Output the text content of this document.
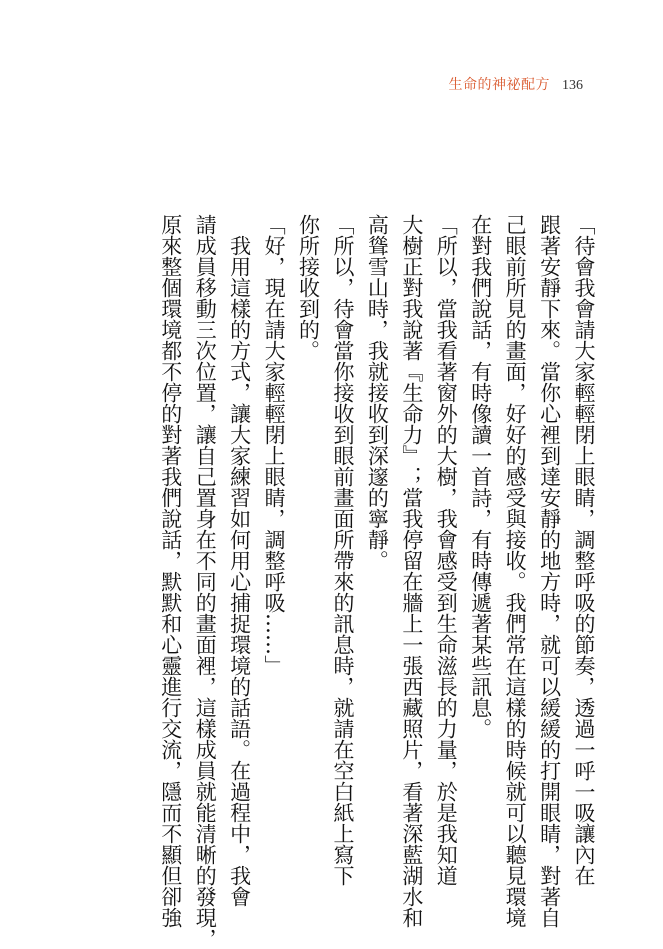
生命的神祕配方 136
「待會我會請大家輕輕閉上眼睛，調整呼吸的節奏，透過一呼一吸讓內在
跟著安靜下來。當你心裡到達安靜的地方時，就可以緩緩的打開眼睛，對著自
己眼前所見的畫面，好好的感受與接收。我們常在這樣的時候就可以聽見環境
在對我們說話，有時像讀一首詩，有時傳遞著某些訊息。
「所以，當我看著窗外的大樹，我會感受到生命滋長的力量，於是我知道
大樹正對我說著『生命力』；當我停留在牆上一張西藏照片，看著深藍湖水和
高聳雪山時，我就接收到深邃的寧靜。
「所以，待會當你接收到眼前畫面所帶來的訊息時，就請在空白紙上寫下
你所接收到的。
「好，現在請大家輕輕閉上眼睛，調整呼吸……」
我用這樣的方式，讓大家練習如何用心捕捉環境的話語。在過程中，我會
請成員移動三次位置，讓自己置身在不同的畫面裡，這樣成員就能清晰的發現，
原來整個環境都不停的對著我們說話，默默和心靈進行交流，隱而不顯但卻強
